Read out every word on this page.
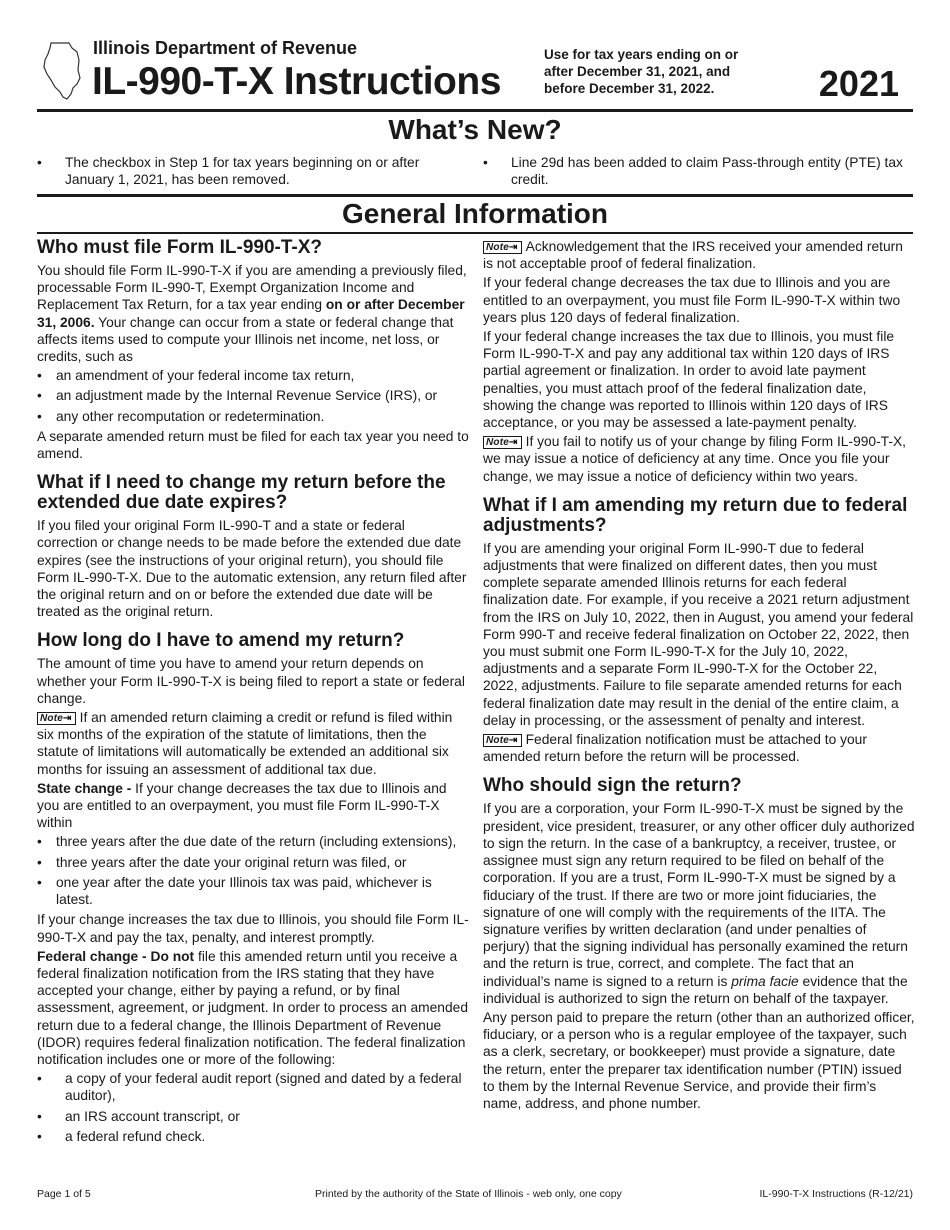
Illinois Department of Revenue
IL-990-T-X Instructions
Use for tax years ending on or
after December 31, 2021, and
before December 31, 2022.	2021
What’s New?
• The checkbox in Step 1 for tax years beginning on or after January 1, 2021, has been removed.
• Line 29d has been added to claim Pass-through entity (PTE) tax credit.
General Information
Who must file Form IL-990-T-X?

You should file Form IL-990-T-X if you are amending a previously filed, processable Form IL-990-T, Exempt Organization Income and Replacement Tax Return, for a tax year ending on or after December 31, 2006. Your change can occur from a state or federal change that affects items used to compute your Illinois net income, net loss, or credits, such as

• an amendment of your federal income tax return,
• an adjustment made by the Internal Revenue Service (IRS), or
• any other recomputation or redetermination.

A separate amended return must be filed for each tax year you need to amend.

What if I need to change my return before the extended due date expires?

If you filed your original Form IL-990-T and a state or federal correction or change needs to be made before the extended due date expires (see the instructions of your original return), you should file Form IL-990-T-X. Due to the automatic extension, any return filed after the original return and on or before the extended due date will be treated as the original return.

How long do I have to amend my return?

The amount of time you have to amend your return depends on whether your Form IL-990-T-X is being filed to report a state or federal change.

Note⇥ If an amended return claiming a credit or refund is filed within six months of the expiration of the statute of limitations, then the statute of limitations will automatically be extended an additional six months for issuing an assessment of additional tax due.

State change - If your change decreases the tax due to Illinois and you are entitled to an overpayment, you must file Form IL-990-T-X within

• three years after the due date of the return (including extensions),
• three years after the date your original return was filed, or
• one year after the date your Illinois tax was paid, whichever is latest.

If your change increases the tax due to Illinois, you should file Form IL-990-T-X and pay the tax, penalty, and interest promptly.

Federal change - Do not file this amended return until you receive a federal finalization notification from the IRS stating that they have accepted your change, either by paying a refund, or by final assessment, agreement, or judgment. In order to process an amended return due to a federal change, the Illinois Department of Revenue (IDOR) requires federal finalization notification. The federal finalization notification includes one or more of the following:

• a copy of your federal audit report (signed and dated by a federal auditor),
• an IRS account transcript, or
• a federal refund check.

Note⇥ Acknowledgement that the IRS received your amended return is not acceptable proof of federal finalization.

If your federal change decreases the tax due to Illinois and you are entitled to an overpayment, you must file Form IL-990-T-X within two years plus 120 days of federal finalization.

If your federal change increases the tax due to Illinois, you must file Form IL-990-T-X and pay any additional tax within 120 days of IRS partial agreement or finalization. In order to avoid late payment penalties, you must attach proof of the federal finalization date, showing the change was reported to Illinois within 120 days of IRS acceptance, or you may be assessed a late-payment penalty.

Note⇥ If you fail to notify us of your change by filing Form IL-990-T-X, we may issue a notice of deficiency at any time. Once you file your change, we may issue a notice of deficiency within two years.

What if I am amending my return due to federal adjustments?

If you are amending your original Form IL-990-T due to federal adjustments that were finalized on different dates, then you must complete separate amended Illinois returns for each federal finalization date. For example, if you receive a 2021 return adjustment from the IRS on July 10, 2022, then in August, you amend your federal Form 990-T and receive federal finalization on October 22, 2022, then you must submit one Form IL-990-T-X for the July 10, 2022, adjustments and a separate Form IL-990-T-X for the October 22, 2022, adjustments. Failure to file separate amended returns for each federal finalization date may result in the denial of the entire claim, a delay in processing, or the assessment of penalty and interest.

Note⇥ Federal finalization notification must be attached to your amended return before the return will be processed.

Who should sign the return?

If you are a corporation, your Form IL-990-T-X must be signed by the president, vice president, treasurer, or any other officer duly authorized to sign the return. In the case of a bankruptcy, a receiver, trustee, or assignee must sign any return required to be filed on behalf of the corporation. If you are a trust, Form IL-990-T-X must be signed by a fiduciary of the trust. If there are two or more joint fiduciaries, the signature of one will comply with the requirements of the IITA. The signature verifies by written declaration (and under penalties of perjury) that the signing individual has personally examined the return and the return is true, correct, and complete. The fact that an individual’s name is signed to a return is prima facie evidence that the individual is authorized to sign the return on behalf of the taxpayer.

Any person paid to prepare the return (other than an authorized officer, fiduciary, or a person who is a regular employee of the taxpayer, such as a clerk, secretary, or bookkeeper) must provide a signature, date the return, enter the preparer tax identification number (PTIN) issued to them by the Internal Revenue Service, and provide their firm’s name, address, and phone number.

Page 1 of 5	Printed by the authority of the State of Illinois - web only, one copy	IL-990-T-X Instructions (R-12/21)
